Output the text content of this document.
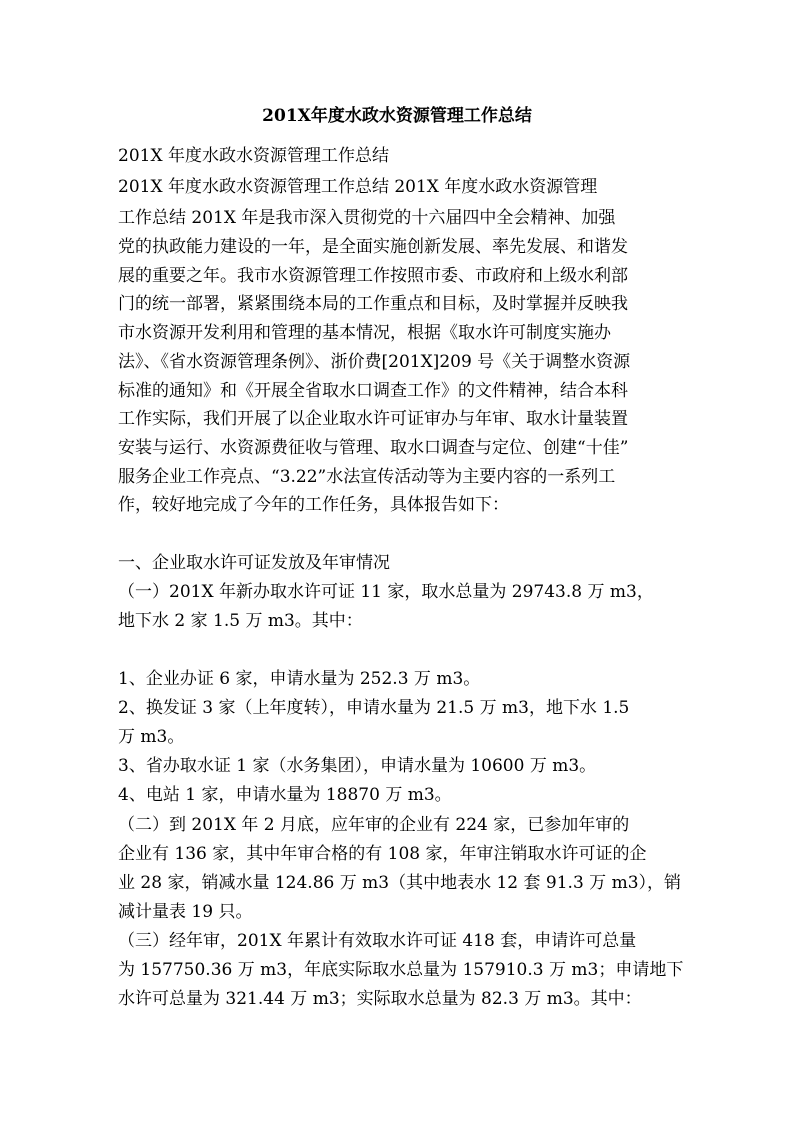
201X年度水政水资源管理工作总结
201X 年度水政水资源管理工作总结
201X 年度水政水资源管理工作总结 201X 年度水政水资源管理
工作总结 201X 年是我市深入贯彻党的十六届四中全会精神、加强
党的执政能力建设的一年，是全面实施创新发展、率先发展、和谐发
展的重要之年。我市水资源管理工作按照市委、市政府和上级水利部
门的统一部署，紧紧围绕本局的工作重点和目标，及时掌握并反映我
市水资源开发利用和管理的基本情况，根据《取水许可制度实施办
法》、《省水资源管理条例》、浙价费[201X]209 号《关于调整水资源
标准的通知》和《开展全省取水口调查工作》的文件精神，结合本科
工作实际，我们开展了以企业取水许可证审办与年审、取水计量装置
安装与运行、水资源费征收与管理、取水口调查与定位、创建“十佳”
服务企业工作亮点、“3.22”水法宣传活动等为主要内容的一系列工
作，较好地完成了今年的工作任务，具体报告如下：
一、企业取水许可证发放及年审情况
（一）201X 年新办取水许可证 11 家，取水总量为 29743.8 万 m3，
地下水 2 家 1.5 万 m3。其中：
1、企业办证 6 家，申请水量为 252.3 万 m3。
2、换发证 3 家（上年度转），申请水量为 21.5 万 m3，地下水 1.5
万 m3。
3、省办取水证 1 家（水务集团），申请水量为 10600 万 m3。
4、电站 1 家，申请水量为 18870 万 m3。
（二）到 201X 年 2 月底，应年审的企业有 224 家，已参加年审的
企业有 136 家，其中年审合格的有 108 家，年审注销取水许可证的企
业 28 家，销减水量 124.86 万 m3（其中地表水 12 套 91.3 万 m3），销
减计量表 19 只。
（三）经年审，201X 年累计有效取水许可证 418 套，申请许可总量
为 157750.36 万 m3，年底实际取水总量为 157910.3 万 m3；申请地下
水许可总量为 321.44 万 m3；实际取水总量为 82.3 万 m3。其中：
